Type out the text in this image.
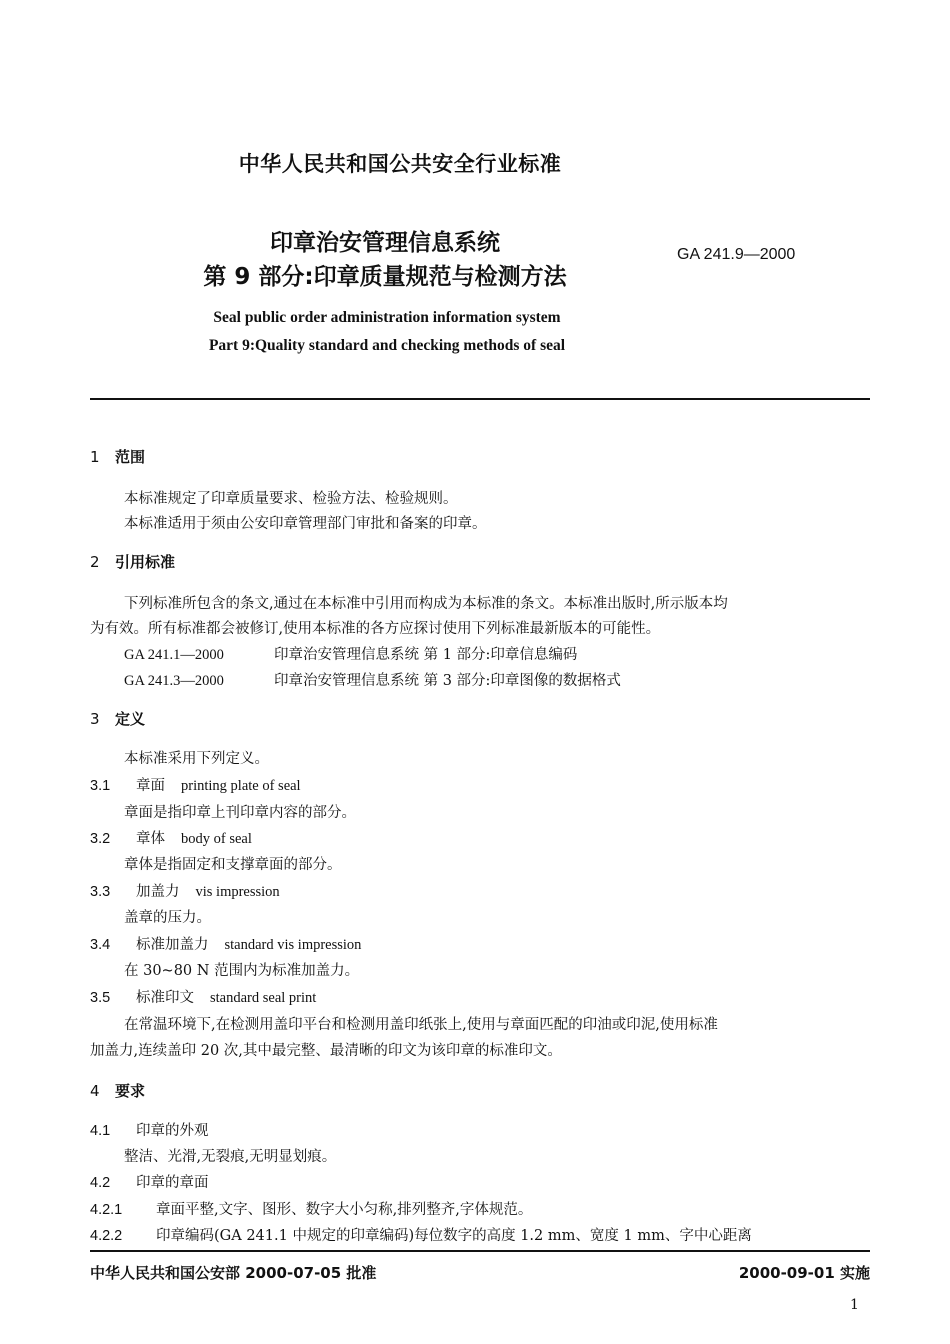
中华人民共和国公共安全行业标准
印章治安管理信息系统
第 9 部分:印章质量规范与检测方法
GA 241.9—2000
Seal public order administration information system
Part 9:Quality standard and checking methods of seal
1 范围
本标准规定了印章质量要求、检验方法、检验规则。
本标准适用于须由公安印章管理部门审批和备案的印章。
2 引用标准
下列标准所包含的条文,通过在本标准中引用而构成为本标准的条文。本标准出版时,所示版本均
为有效。所有标准都会被修订,使用本标准的各方应探讨使用下列标准最新版本的可能性。
GA 241.1—2000	印章治安管理信息系统 第 1 部分:印章信息编码
GA 241.3—2000	印章治安管理信息系统 第 3 部分:印章图像的数据格式
3 定义
本标准采用下列定义。
3.1 章面 printing plate of seal
章面是指印章上刊印章内容的部分。
3.2 章体 body of seal
章体是指固定和支撑章面的部分。
3.3 加盖力 vis impression
盖章的压力。
3.4 标准加盖力 standard vis impression
在 30~80 N 范围内为标准加盖力。
3.5 标准印文 standard seal print
在常温环境下,在检测用盖印平台和检测用盖印纸张上,使用与章面匹配的印油或印泥,使用标准
加盖力,连续盖印 20 次,其中最完整、最清晰的印文为该印章的标准印文。
4 要求
4.1 印章的外观
整洁、光滑,无裂痕,无明显划痕。
4.2 印章的章面
4.2.1 章面平整,文字、图形、数字大小匀称,排列整齐,字体规范。
4.2.2 印章编码(GA 241.1 中规定的印章编码)每位数字的高度 1.2 mm、宽度 1 mm、字中心距离
中华人民共和国公安部 2000-07-05 批准	2000-09-01 实施
1
